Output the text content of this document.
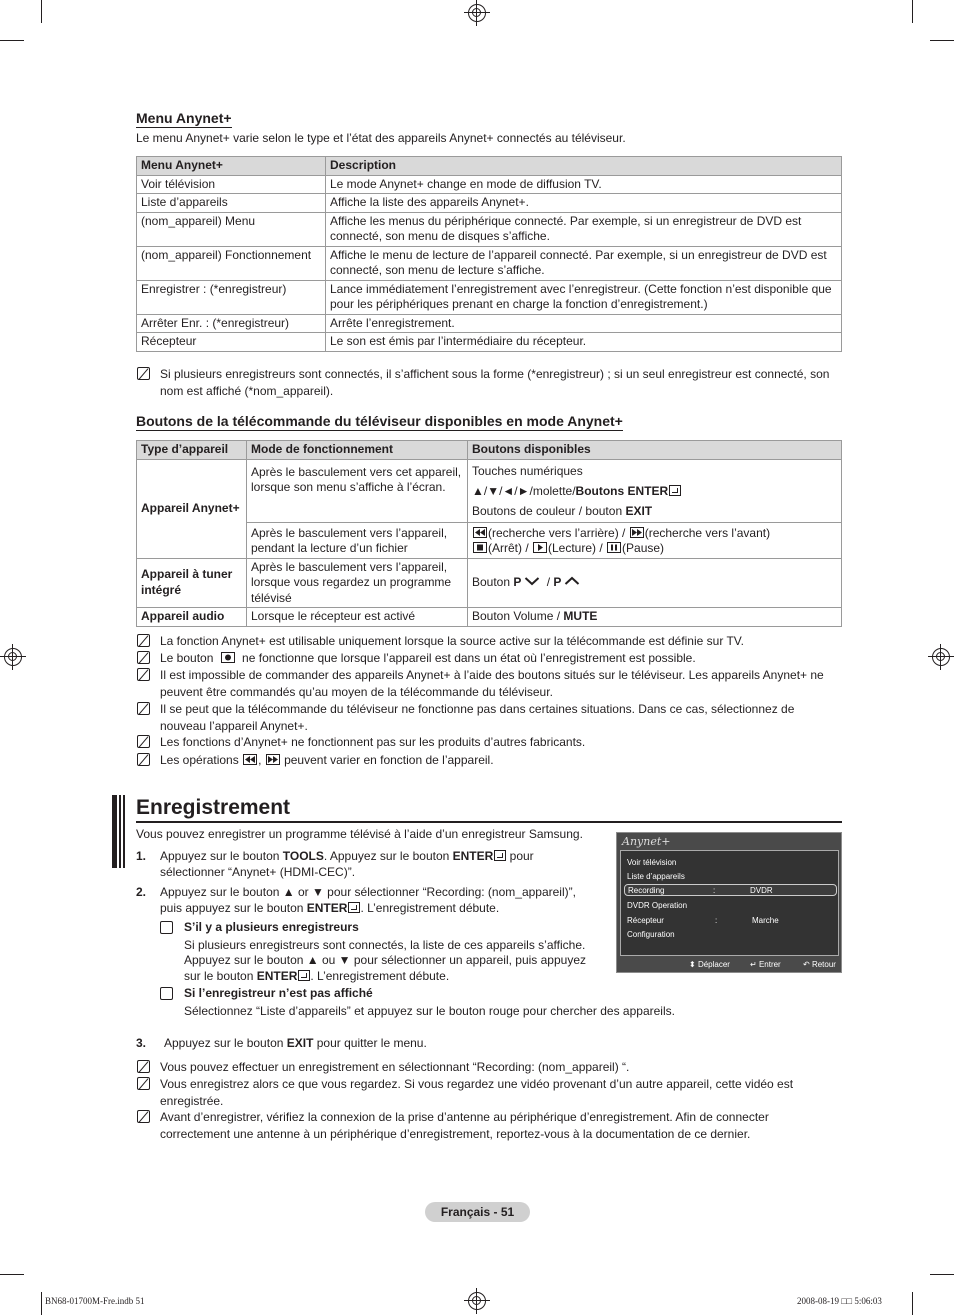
Menu Anynet+
Le menu Anynet+ varie selon le type et l’état des appareils Anynet+ connectés au téléviseur.
Menu Anynet+	Description
Voir télévision	Le mode Anynet+ change en mode de diffusion TV.
Liste d’appareils	Affiche la liste des appareils Anynet+.
(nom_appareil) Menu	Affiche les menus du périphérique connecté. Par exemple, si un enregistreur de DVD est connecté, son menu de disques s’affiche.
(nom_appareil) Fonctionnement	Affiche le menu de lecture de l’appareil connecté. Par exemple, si un enregistreur de DVD est connecté, son menu de lecture s’affiche.
Enregistrer : (*enregistreur)	Lance immédiatement l’enregistrement avec l’enregistreur. (Cette fonction n’est disponible que pour les périphériques prenant en charge la fonction d’enregistrement.)
Arrêter Enr. : (*enregistreur)	Arrête l’enregistrement.
Récepteur	Le son est émis par l’intermédiaire du récepteur.
Si plusieurs enregistreurs sont connectés, il s’affichent sous la forme (*enregistreur) ; si un seul enregistreur est connecté, son nom est affiché (*nom_appareil).
Boutons de la télécommande du téléviseur disponibles en mode Anynet+
Type d’appareil	Mode de fonctionnement	Boutons disponibles
Appareil Anynet+	Après le basculement vers cet appareil, lorsque son menu s’affiche à l’écran.	Touches numériques
▲/▼/◄/►/molette/Boutons ENTER
Boutons de couleur / bouton EXIT

	Après le basculement vers l’appareil, pendant la lecture d’un fichier	(recherche vers l’arrière) /
(recherche vers l’avant)
(Arrêt) /
(Lecture) /
(Pause)

Appareil à tuner intégré	Après le basculement vers l’appareil, lorsque vous regardez un programme télévisé	Bouton P / P
Appareil audio	Lorsque le récepteur est activé	Bouton Volume / MUTE
La fonction Anynet+ est utilisable uniquement lorsque la source active sur la télécommande est définie sur TV.
Le bouton
ne fonctionne que lorsque l’appareil est dans un état où l’enregistrement est possible.
Il est impossible de commander des appareils Anynet+ à l’aide des boutons situés sur le téléviseur. Les appareils Anynet+ ne peuvent être commandés qu’au moyen de la télécommande du téléviseur.
Il se peut que la télécommande du téléviseur ne fonctionne pas dans certaines situations. Dans ce cas, sélectionnez de nouveau l’appareil Anynet+.
Les fonctions d’Anynet+ ne fonctionnent pas sur les produits d’autres fabricants.
Les opérations
,
peuvent varier en fonction de l’appareil.
Enregistrement
Vous pouvez enregistrer un programme télévisé à l’aide d’un enregistreur Samsung.
1. Appuyez sur le bouton TOOLS. Appuyez sur le bouton ENTER pour sélectionner “Anynet+ (HDMI-CEC)”.
2. Appuyez sur le bouton ▲ or ▼ pour sélectionner “Recording: (nom_appareil)”, puis appuyez sur le bouton ENTER . L’enregistrement débute.
S’il y a plusieurs enregistreurs
Si plusieurs enregistreurs sont connectés, la liste de ces appareils s’affiche. Appuyez sur le bouton ▲ ou ▼ pour sélectionner un appareil, puis appuyez sur le bouton ENTER . L’enregistrement débute.
Si l’enregistreur n’est pas affiché
Sélectionnez “Liste d’appareils” et appuyez sur le bouton rouge pour chercher des appareils.
3. Appuyez sur le bouton EXIT pour quitter le menu.
Vous pouvez effectuer un enregistrement en sélectionnant “Recording: (nom_appareil) “.
Vous enregistrez alors ce que vous regardez. Si vous regardez une vidéo provenant d’un autre appareil, cette vidéo est enregistrée.
Avant d’enregistrer, vérifiez la connexion de la prise d’antenne au périphérique d’enregistrement. Afin de connecter correctement une antenne à un périphérique d’enregistrement, reportez-vous à la documentation de ce dernier.
Anynet+
Voir télévision
Liste d’appareils
Recording	:	DVDR
DVDR Operation
Récepteur	:	Marche
Configuration
⬍ Déplacer	↵ Entrer	↶ Retour
Français - 51
BN68-01700M-Fre.indb 51	2008-08-19 □□ 5:06:03
